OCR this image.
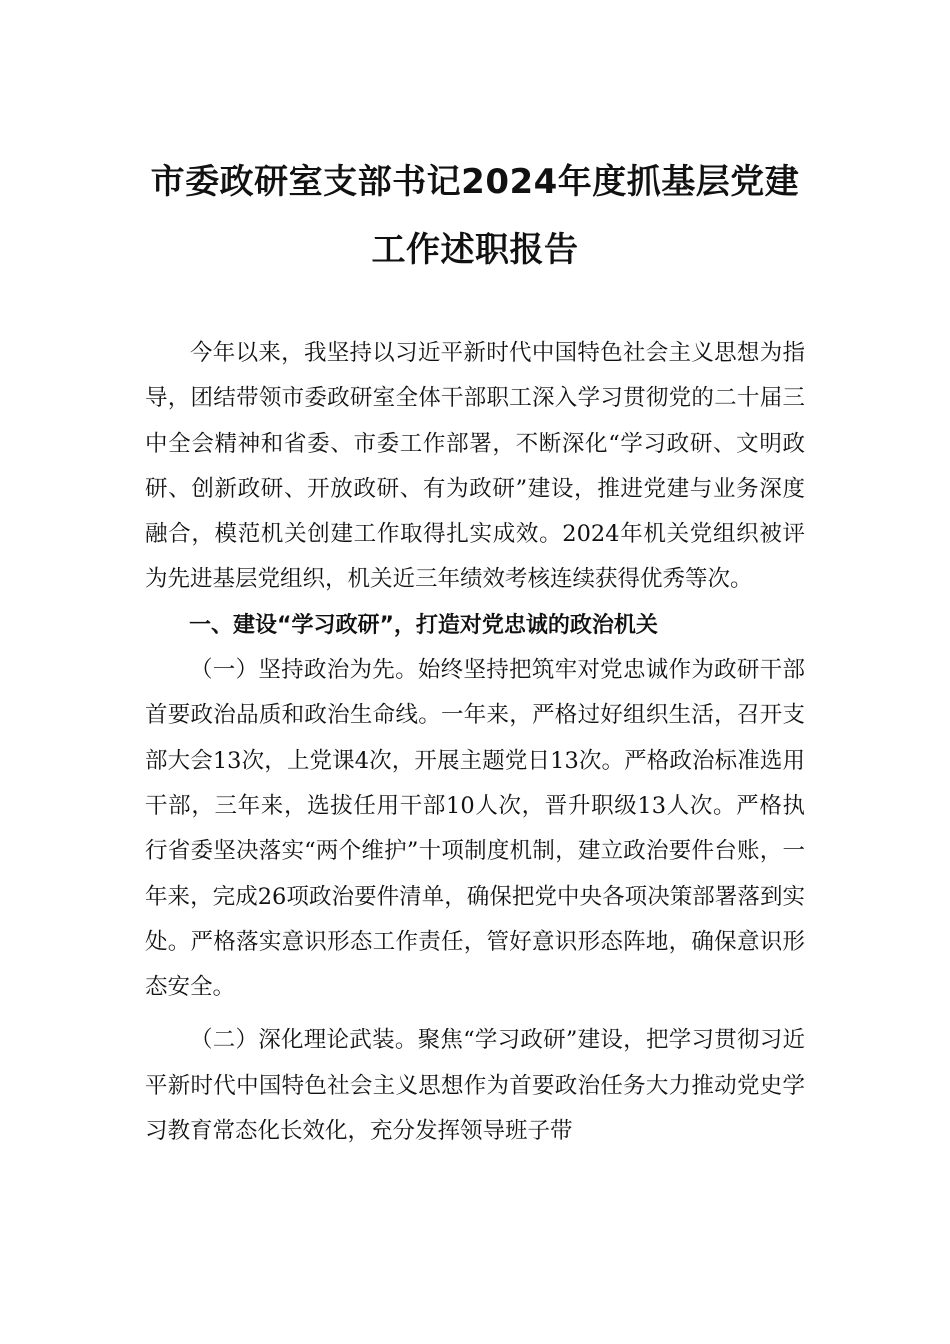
市委政研室支部书记2024年度抓基层党建
工作述职报告

今年以来，我坚持以习近平新时代中国特色社会主义思想为指导，团结带领市委政研室全体干部职工深入学习贯彻党的二十届三中全会精神和省委、市委工作部署，不断深化“学习政研、文明政研、创新政研、开放政研、有为政研”建设，推进党建与业务深度融合，模范机关创建工作取得扎实成效。2024年机关党组织被评为先进基层党组织，机关近三年绩效考核连续获得优秀等次。

一、建设“学习政研”，打造对党忠诚的政治机关

（一）坚持政治为先。始终坚持把筑牢对党忠诚作为政研干部首要政治品质和政治生命线。一年来，严格过好组织生活，召开支部大会13次，上党课4次，开展主题党日13次。严格政治标准选用干部，三年来，选拔任用干部10人次，晋升职级13人次。严格执行省委坚决落实“两个维护”十项制度机制，建立政治要件台账，一年来，完成26项政治要件清单，确保把党中央各项决策部署落到实处。严格落实意识形态工作责任，管好意识形态阵地，确保意识形态安全。

（二）深化理论武装。聚焦“学习政研”建设，把学习贯彻习近平新时代中国特色社会主义思想作为首要政治任务大力推动党史学习教育常态化长效化，充分发挥领导班子带
